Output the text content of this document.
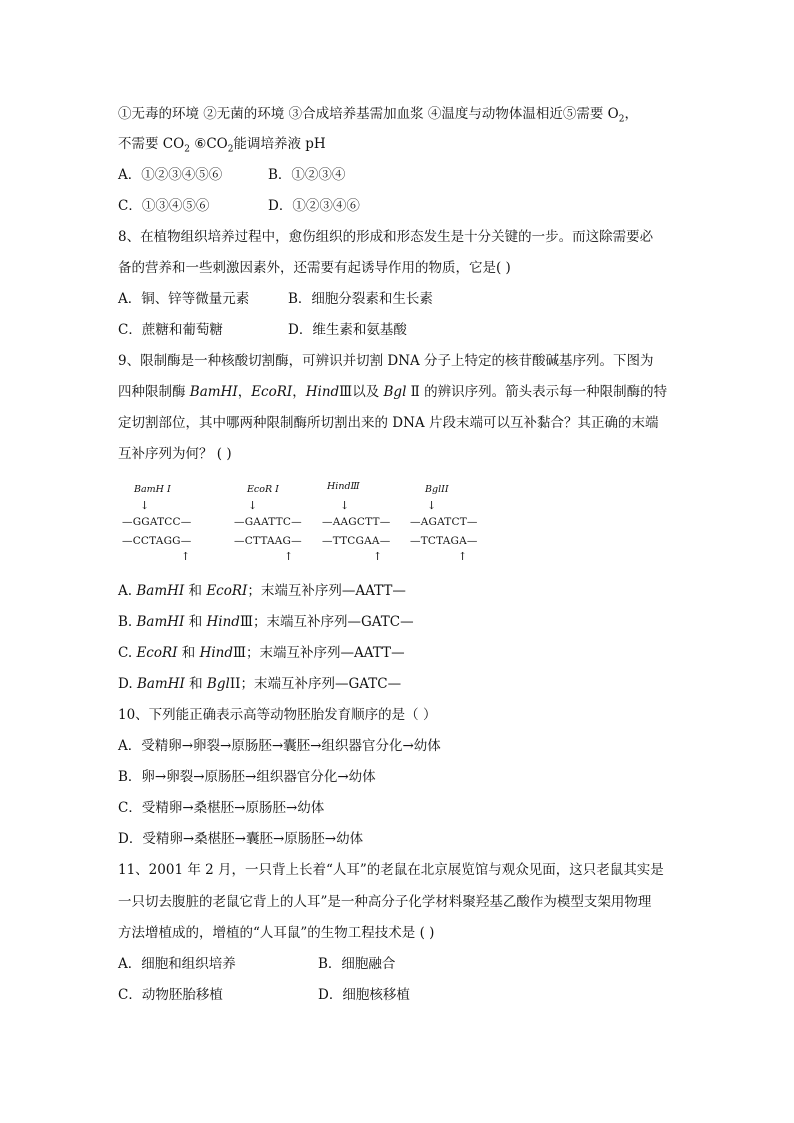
①无毒的环境 ②无菌的环境 ③合成培养基需加血浆 ④温度与动物体温相近⑤需要 $O_2$，
不需要 $CO_2$ $⑥CO_2$能调培养液 pH
A．①②③④⑤⑥	B．①②③④
C．①③④⑤⑥	D．①②③④⑥
8、在植物组织培养过程中，愈伤组织的形成和形态发生是十分关键的一步。而这除需要必
备的营养和一些刺激因素外，还需要有起诱导作用的物质，它是( )
A．铜、锌等微量元素	B．细胞分裂素和生长素
C．蔗糖和葡萄糖	D．维生素和氨基酸
9、限制酶是一种核酸切割酶，可辨识并切割 DNA 分子上特定的核苷酸碱基序列。下图为
四种限制酶 BamHI，EcoRI，HindⅢ以及 Bgl Ⅱ 的辨识序列。箭头表示每一种限制酶的特
定切割部位，其中哪两种限制酶所切割出来的 DNA 片段末端可以互补黏合？其正确的末端
互补序列为何？ ( )
BamH I
↓
—GGATCC—
—CCTAGG—
↑
EcoR I
↓
—GAATTC—
—CTTAAG—
↑
HindⅢ
↓
—AAGCTT—
—TTCGAA—
↑
BglII
↓
—AGATCT—
—TCTAGA—
↑
A. BamHI 和 EcoRI；末端互补序列—AATT—
B. BamHI 和 HindⅢ；末端互补序列—GATC—
C. EcoRI 和 HindⅢ；末端互补序列—AATT—
D. BamHI 和 BglII；末端互补序列—GATC—
10、下列能正确表示高等动物胚胎发育顺序的是（ ）
A．受精卵→卵裂→原肠胚→囊胚→组织器官分化→幼体
B．卵→卵裂→原肠胚→组织器官分化→幼体
C．受精卵→桑椹胚→原肠胚→幼体
D．受精卵→桑椹胚→囊胚→原肠胚→幼体
11、2001 年 2 月，一只背上长着“人耳”的老鼠在北京展览馆与观众见面，这只老鼠其实是
一只切去腹脏的老鼠它背上的人耳”是一种高分子化学材料聚羟基乙酸作为模型支架用物理
方法增植成的，增植的“人耳鼠”的生物工程技术是 ( )
A．细胞和组织培养	B．细胞融合
C．动物胚胎移植	D．细胞核移植
